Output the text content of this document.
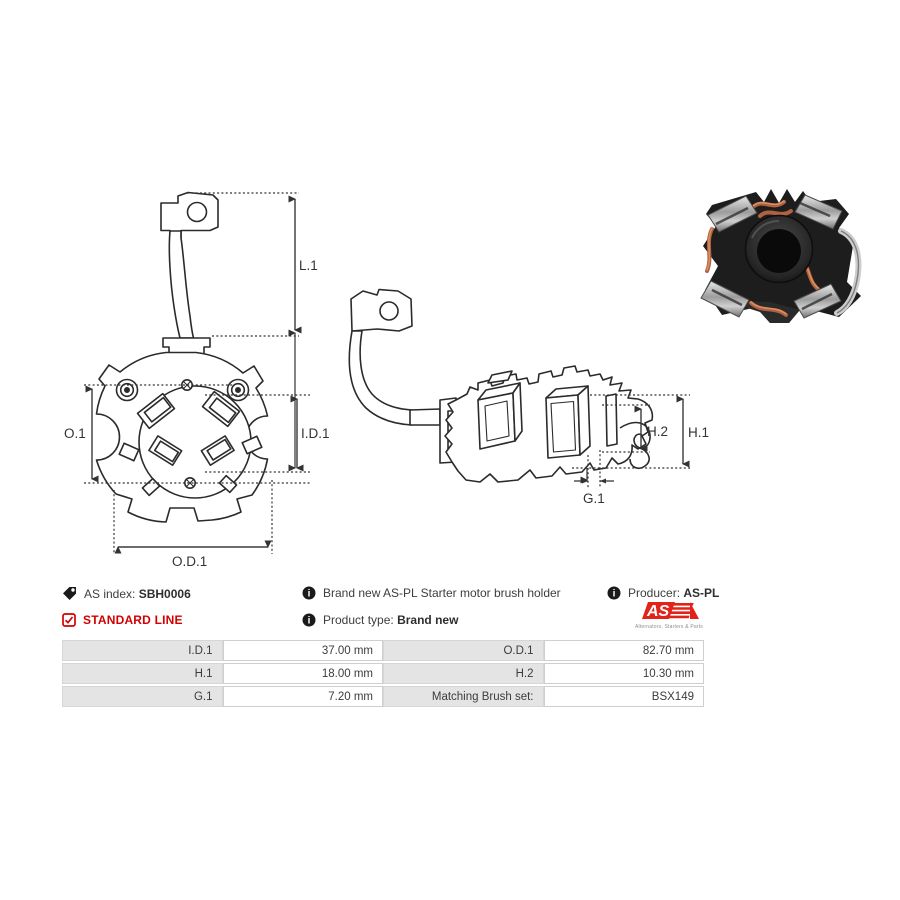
L.1
O.1	I.D.1
O.D.1
H.2 H.1
G.1
AS index: SBH0006	i Brand new AS-PL Starter motor brush holder	i Producer: AS-PL
STANDARD LINE	i Product type: Brand new	AS
Alternators, Starters & Parts
I.D.1	37.00 mm	O.D.1	82.70 mm
H.1	18.00 mm	H.2	10.30 mm
G.1	7.20 mm	Matching Brush set:	BSX149
